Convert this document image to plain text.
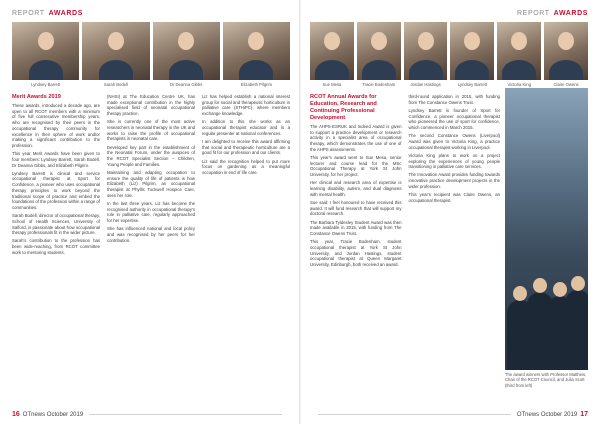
REPORT AWARDS
Lyndsey Barrett	Sarah Bodell	Dr Deanna Gibbs	Elizabeth Pilgrim
Merit Awards 2019

These awards, introduced a decade ago, are open to all RCOT members with a minimum of five full consecutive membership years, who are recognised by their peers in the occupational therapy community for excellence in their sphere of work and/or making a significant contribution to the profession.

This year Merit Awards have been given to four members: Lyndsey Barrett, Sarah Bodell, Dr Deanna Gibbs, and Elizabeth Pilgrim.

Lyndsey Barrett is clinical and service occupational therapist at Sport for Confidence, a pioneer who uses occupational therapy principles to work beyond the traditional scope of practice and embed the foundations of the profession within a range of communities.

Sarah Bodell, director of occupational therapy, School of Health Sciences, University of Salford, is passionate about how occupational therapy professionals fit in the wider picture.

Sarah's contribution to the profession has been wide-reaching, from RCOT committee work to mentoring students.

(NHSI) at The Education Centre UK, has made exceptional contribution in the highly specialised field of neonatal occupational therapy practice.

She is currently one of the most active researchers in neonatal therapy in the UK and works to raise the profile of occupational therapists in neonatal care.

Developed key part in the establishment of the Neonatal Forum, under the auspices of the RCOT Specialist Section – Children, Young People and Families.

Maintaining and adapting occupation to ensure the quality of life of patients is how Elizabeth (Liz) Pilgrim, an occupational therapist at Phyllis Tuckwell Hospice Care, sees her role.

In the last three years, Liz has become the recognised authority in occupational therapy's role in palliative care, regularly approached for her expertise.

She has influenced national and local policy and was recognised by her peers for her contribution.

Liz has helped establish a national interest group for social and therapeutic horticulture in palliative care (STHiPC), where members exchange knowledge.

In addition to this she works as an occupational therapist educator and is a regular presenter at national conferences.

I am delighted to receive this award affirming that social and therapeutic horticulture are a good fit for our profession and our clients.

Liz said the recognition helped to put more focus on gardening as a meaningful occupation in end of life care.

16 OTnews October 2019
REPORT AWARDS
Sue Mesa	Tracie Bodenham	Jordan Hastings	Lyndsey Barrett	Victoria King	Claire Owens
RCOT Annual Awards for Education, Research and Continuing Professional Development

The AHPS-ESRUK and Indeed Award is given to support a practice development or research activity in a specialist area of occupational therapy, which demonstrates the use of one of the AHPS assessments.

This year's award went to Sue Mesa, senior lecturer and course lead for the MSc Occupational Therapy at York St John University, for her project.

Her clinical and research area of expertise is learning disability, autism, and dual diagnosis with mental health.

Sue said: I feel honoured to have received this award. It will fund research that will support my doctoral research.

The Barbara Tyldesley Student Award was then made available in 2015, with funding from The Constance Owens Trust.

This year, Tracie Bodenham, student occupational therapist at York St John University, and Jordan Hastings, student occupational therapist at Queen Margaret University, Edinburgh, both received an award.

third-round application in 2015, with funding from The Constance Owens Trust.

Lyndsey Barrett is founder of Sport for Confidence, a pioneer occupational therapist who pioneered the use of sport for confidence, which commenced in March 2015.

The second Constance Owens (Liverpool) Award was given to Victoria King, a practice occupational therapist working in Liverpool.

Victoria King plans to work on a project exploring the experiences of young people transitioning in palliative care services.

The Innovation Award provides funding towards innovative practice development projects in the wider profession.

This year's recipient was Claire Owens, an occupational therapist.

The award winners with Professor Mattheis, Chair of the RCOT Council, and Julia Scott (third from left)
OTnews October 2019 17
